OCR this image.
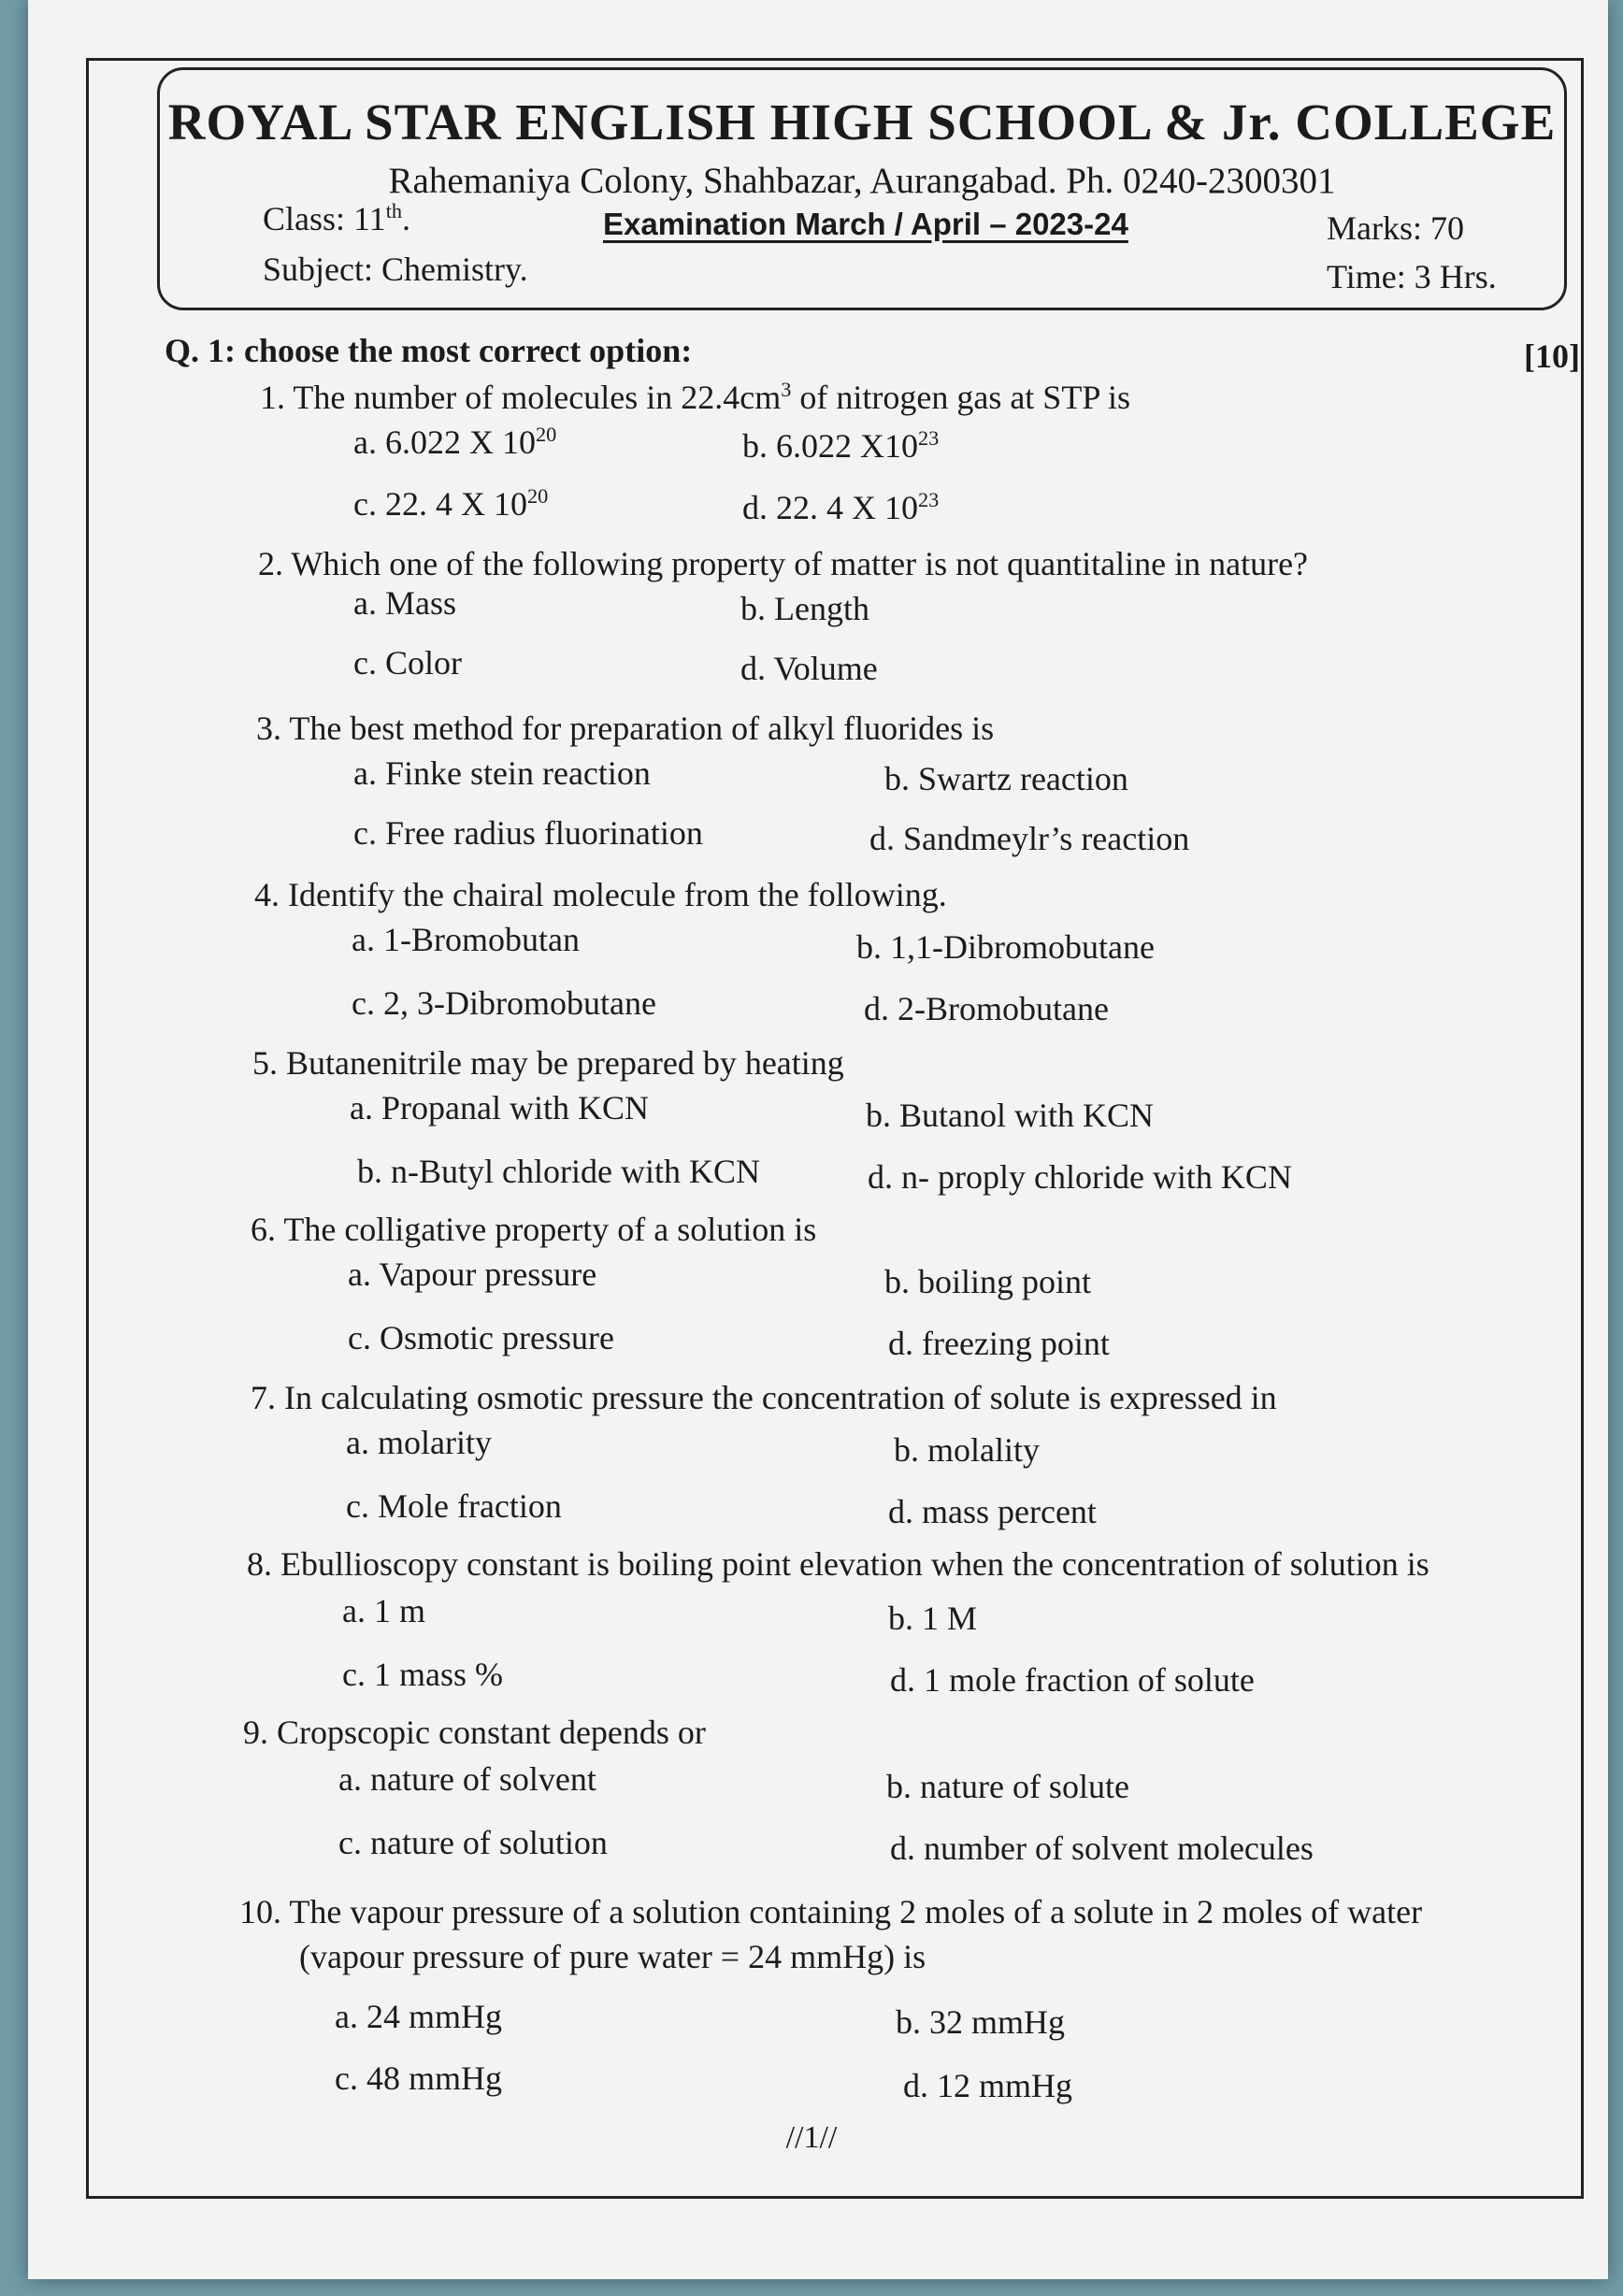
ROYAL STAR ENGLISH HIGH SCHOOL & Jr. COLLEGE
Rahemaniya Colony, Shahbazar, Aurangabad. Ph. 0240-2300301
Class: 11th.	Examination March / April – 2023-24	Marks: 70
Subject: Chemistry.	Time: 3 Hrs.
Q. 1: choose the most correct option:	[10]
1. The number of molecules in $22.4cm^3$ of nitrogen gas at STP is
a. 6.022 X $10^{20}$	b. 6.022 $X10^{23}$
c. 22. 4 X $10^{20}$	d. 22. 4 X $10^{23}$
2. Which one of the following property of matter is not quantitaline in nature?
a. Mass	b. Length
c. Color	d. Volume
3. The best method for preparation of alkyl fluorides is
a. Finke stein reaction	b. Swartz reaction
c. Free radius fluorination	d. Sandmeylr’s reaction
4. Identify the chairal molecule from the following.
a. 1-Bromobutan	b. 1,1-Dibromobutane
c. 2, 3-Dibromobutane	d. 2-Bromobutane
5. Butanenitrile may be prepared by heating
a. Propanal with KCN	b. Butanol with KCN
b. n-Butyl chloride with KCN	d. n- proply chloride with KCN
6. The colligative property of a solution is
a. Vapour pressure	b. boiling point
c. Osmotic pressure	d. freezing point
7. In calculating osmotic pressure the concentration of solute is expressed in
a. molarity	b. molality
c. Mole fraction	d. mass percent
8. Ebullioscopy constant is boiling point elevation when the concentration of solution is
a. 1 m	b. 1 M
c. 1 mass %	d. 1 mole fraction of solute
9. Cropscopic constant depends or
a. nature of solvent	b. nature of solute
c. nature of solution	d. number of solvent molecules
10. The vapour pressure of a solution containing 2 moles of a solute in 2 moles of water
(vapour pressure of pure water = 24 mmHg) is
a. 24 mmHg	b. 32 mmHg
c. 48 mmHg	d. 12 mmHg
//1//
